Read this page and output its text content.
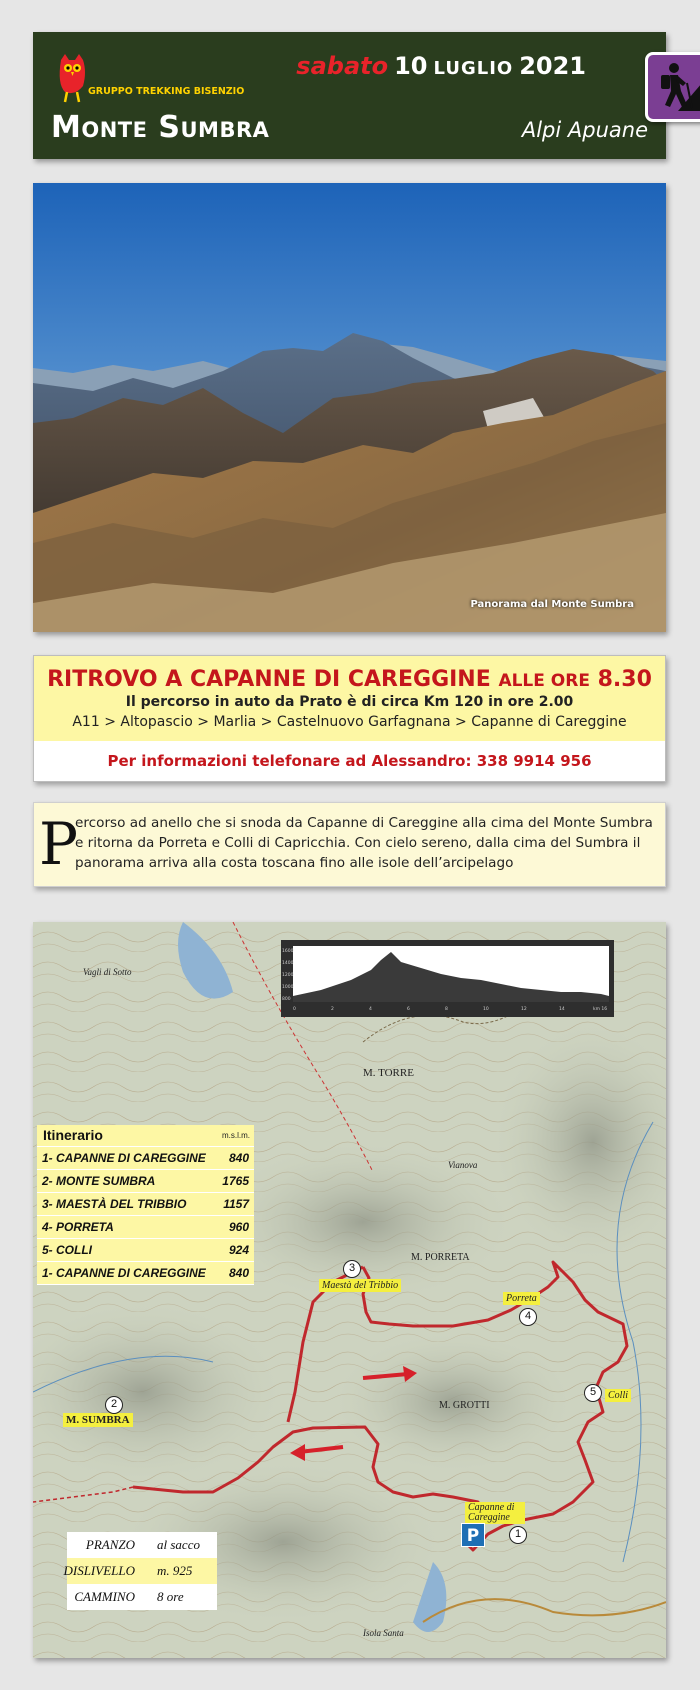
GRUPPO TREKKING BISENZIO
sabato 10 LUGLIO 2021
Monte Sumbra	Alpi Apuane
Panorama dal Monte Sumbra
RITROVO A CAPANNE DI CAREGGINE ALLE ORE 8.30
Il percorso in auto da Prato è di circa Km 120 in ore 2.00
A11 > Altopascio > Marlia > Castelnuovo Garfagnana > Capanne di Careggine
Per informazioni telefonare ad Alessandro: 338 9914 956
P
ercorso ad anello che si snoda da Capanne di Careggine alla cima del Monte Sumbra e ritorna da Porreta e Colli di Capricchia. Con cielo sereno, dalla cima del Sumbra il panorama arriva alla costa toscana fino alle isole dell’arcipelago
1600
1400
1200
1000
800
0	2	4	6	8	10	12	14	km 16
M. TORRE
M. PORRETA
M. GROTTI
Vagli di Sotto
Vianova
Isola Santa
M. SUMBRA
Maestà del Tribbio
Porreta
Colli
Capanne di Careggine
2
3
4
5
1
P
Itinerario	m.s.l.m.
1- CAPANNE DI CAREGGINE 840
2- MONTE SUMBRA	1765
3- MAESTÀ DEL TRIBBIO	1157
4- PORRETA	960
5- COLLI	924
1- CAPANNE DI CAREGGINE 840
PRANZO al sacco
DISLIVELLO m. 925
CAMMINO 8 ore
